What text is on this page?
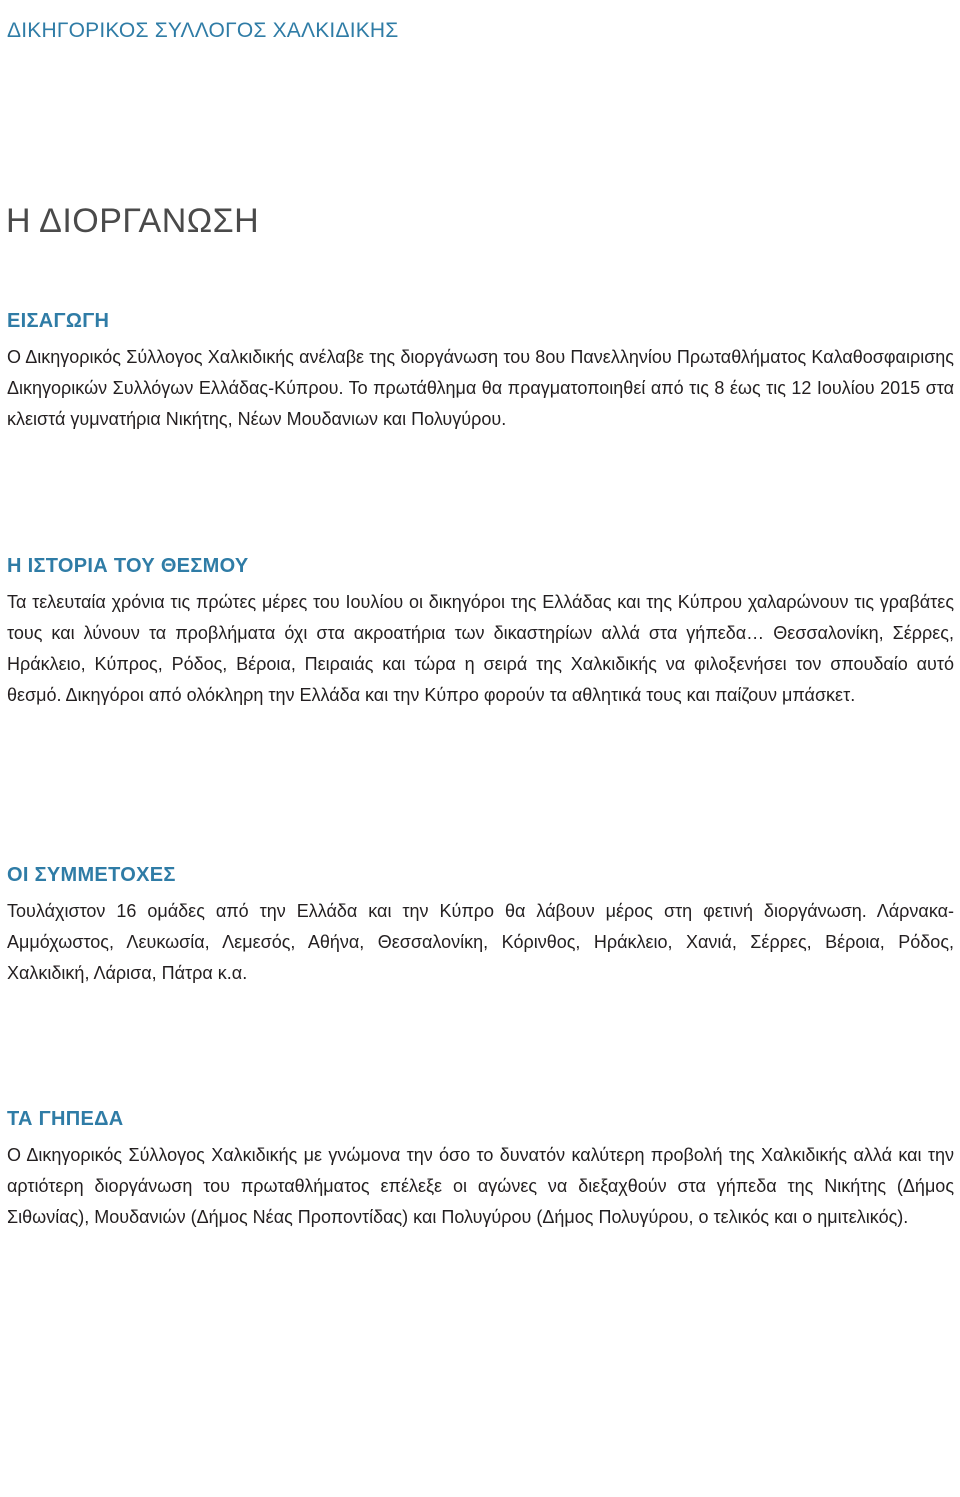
ΔΙΚΗΓΟΡΙΚΟΣ ΣΥΛΛΟΓΟΣ ΧΑΛΚΙΔΙΚΗΣ
Η ΔΙΟΡΓΑΝΩΣΗ
ΕΙΣΑΓΩΓΗ

Ο Δικηγορικός Σύλλογος Χαλκιδικής ανέλαβε της διοργάνωση του 8ου Πανελληνίου Πρωταθλήματος Καλαθοσφαιρισης Δικηγορικών Συλλόγων Ελλάδας-Κύπρου. Το πρωτάθλημα θα πραγματοποιηθεί από τις 8 έως τις 12 Ιουλίου 2015 στα κλειστά γυμνατήρια Νικήτης, Νέων Μουδανιων και Πολυγύρου.

Η ΙΣΤΟΡΙΑ ΤΟΥ ΘΕΣΜΟΥ

Τα τελευταία χρόνια τις πρώτες μέρες του Ιουλίου οι δικηγόροι της Ελλάδας και της Κύπρου χαλαρώνουν τις γραβάτες τους και λύνουν τα προβλήματα όχι στα ακροατήρια των δικαστηρίων αλλά στα γήπεδα… Θεσσαλονίκη, Σέρρες, Ηράκλειο, Κύπρος, Ρόδος, Βέροια, Πειραιάς και τώρα η σειρά της Χαλκιδικής να φιλοξενήσει τον σπουδαίο αυτό θεσμό. Δικηγόροι από ολόκληρη την Ελλάδα και την Κύπρο φορούν τα αθλητικά τους και παίζουν μπάσκετ.

ΟΙ ΣΥΜΜΕΤΟΧΕΣ

Τουλάχιστον 16 ομάδες από την Ελλάδα και την Κύπρο θα λάβουν μέρος στη φετινή διοργάνωση. Λάρνακα-Αμμόχωστος, Λευκωσία, Λεμεσός, Αθήνα, Θεσσαλονίκη, Κόρινθος, Ηράκλειο, Χανιά, Σέρρες, Βέροια, Ρόδος, Χαλκιδική, Λάρισα, Πάτρα κ.α.

ΤΑ ΓΗΠΕΔΑ

Ο Δικηγορικός Σύλλογος Χαλκιδικής με γνώμονα την όσο το δυνατόν καλύτερη προβολή της Χαλκιδικής αλλά και την αρτιότερη διοργάνωση του πρωταθλήματος επέλεξε οι αγώνες να διεξαχθούν στα γήπεδα της Νικήτης (Δήμος Σιθωνίας), Μουδανιών (Δήμος Νέας Προποντίδας) και Πολυγύρου (Δήμος Πολυγύρου, ο τελικός και ο ημιτελικός).
